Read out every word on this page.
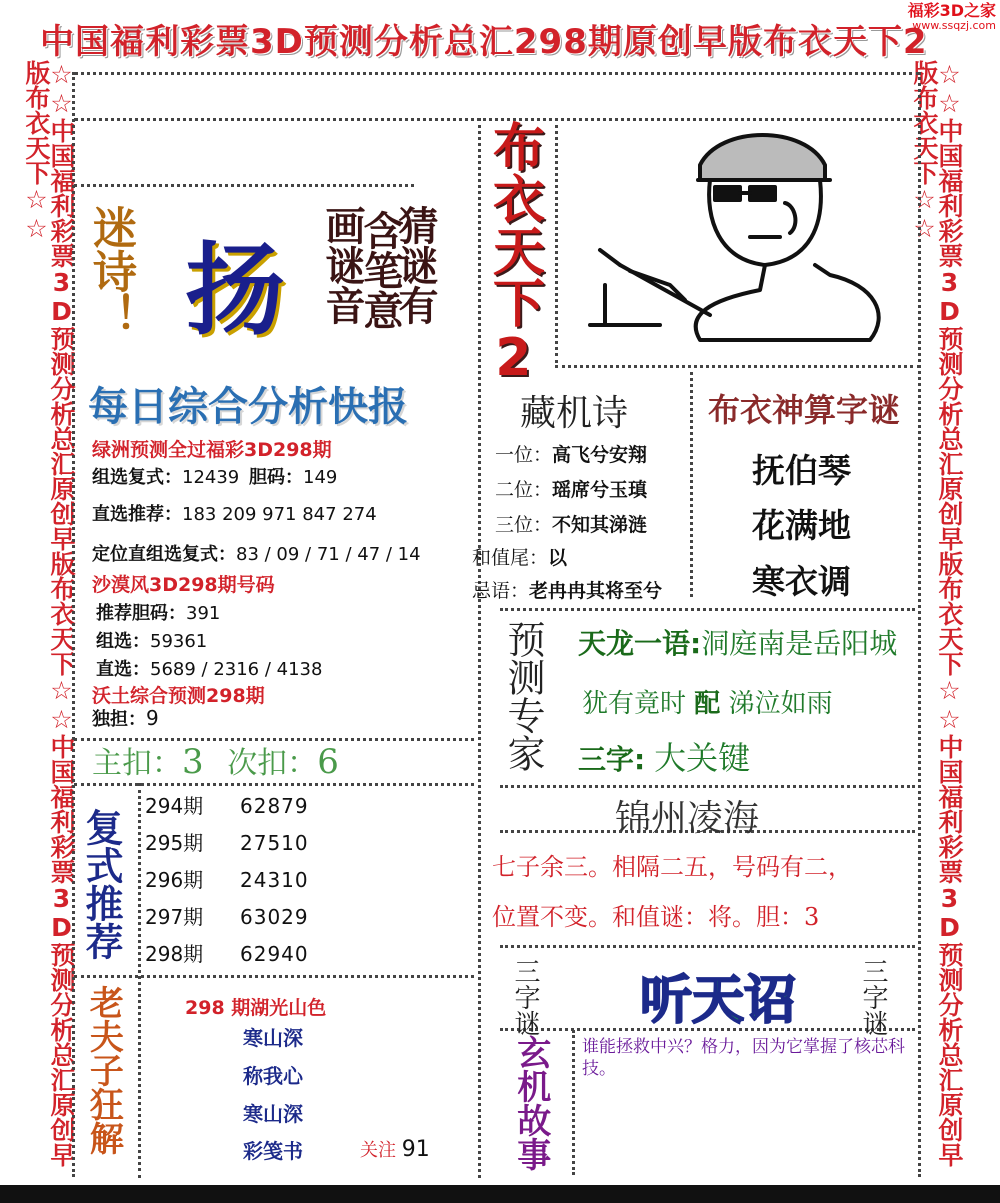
中国福利彩票3D预测分析总汇298期原创早版布衣天下2
福彩3D之家
www.ssqzj.com
☆☆中国福利彩票3D预测分析总汇原创早版布衣天下☆☆中国福利彩票3D预测分析总汇原创早版布衣天下☆☆	☆☆中国福利彩票3D预测分析总汇原创早版布衣天下☆☆中国福利彩票3D预测分析总汇原创早版布衣天下☆☆
迷诗！ 扬	猜谜有
含笔意
画谜音 布衣天下2
每日综合分析快报
绿洲预测全过福彩3D298期
组选复式：12439 胆码：149
直选推荐：183 209 971 847 274
定位直组选复式：83 / 09 / 71 / 47 / 14
沙漠风3D298期号码
推荐胆码：391
组选：59361
直选：5689 / 2316 / 4138
沃土综合预测298期
独担：9
主扣：3 次扣：6
复式推荐
294期 62879
295期 27510
296期 24310
297期 63029
298期 62940
老夫子狂解	298 期湖光山色
寒山深
称我心
寒山深
彩笺书	关注 91
藏机诗
一位：高飞兮安翔
二位：瑶席兮玉瑱
三位：不知其涕涟
和值尾：以
忌语：老冉冉其将至兮
布衣神算字谜
抚伯琴
花满地
寒衣调
预测专家 天龙一语:洞庭南是岳阳城
犹有竟时 配 涕泣如雨
三字: 大关键
锦州凌海
七子余三。相隔二五，号码有二，
位置不变。和值谜：将。胆：3
三字谜	三字谜
听天诏
玄机故事 谁能拯救中兴？格力，因为它掌握了核芯科技。
